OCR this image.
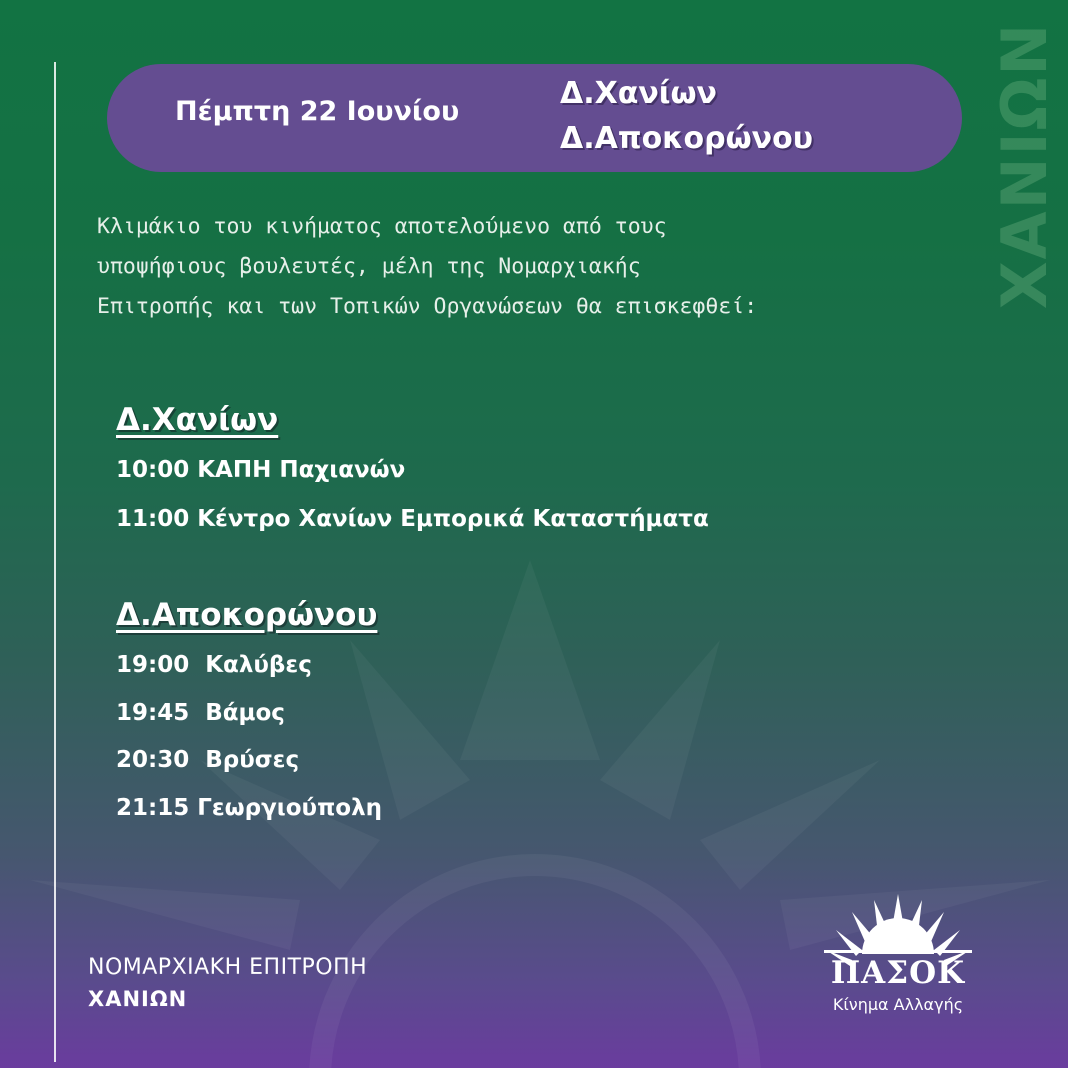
ΧΑΝΙΩΝ
Πέμπτη 22 Ιουνίου
Δ.Χανίων
Δ.Αποκορώνου
Κλιμάκιο του κινήματος αποτελούμενο από τους
υποψήφιους βουλευτές, μέλη της Νομαρχιακής
Επιτροπής και των Τοπικών Οργανώσεων θα επισκεφθεί:
Δ.Χανίων
10:00 ΚΑΠΗ Παχιανών
11:00 Κέντρο Χανίων Εμπορικά Καταστήματα
Δ.Αποκορώνου
19:00  Καλύβες
19:45  Βάμος
20:30  Βρύσες
21:15 Γεωργιούπολη
ΝΟΜΑΡΧΙΑΚΗ ΕΠΙΤΡΟΠΗ
ΧΑΝΙΩΝ
ΠΑΣΟΚ
Κίνημα Αλλαγής
